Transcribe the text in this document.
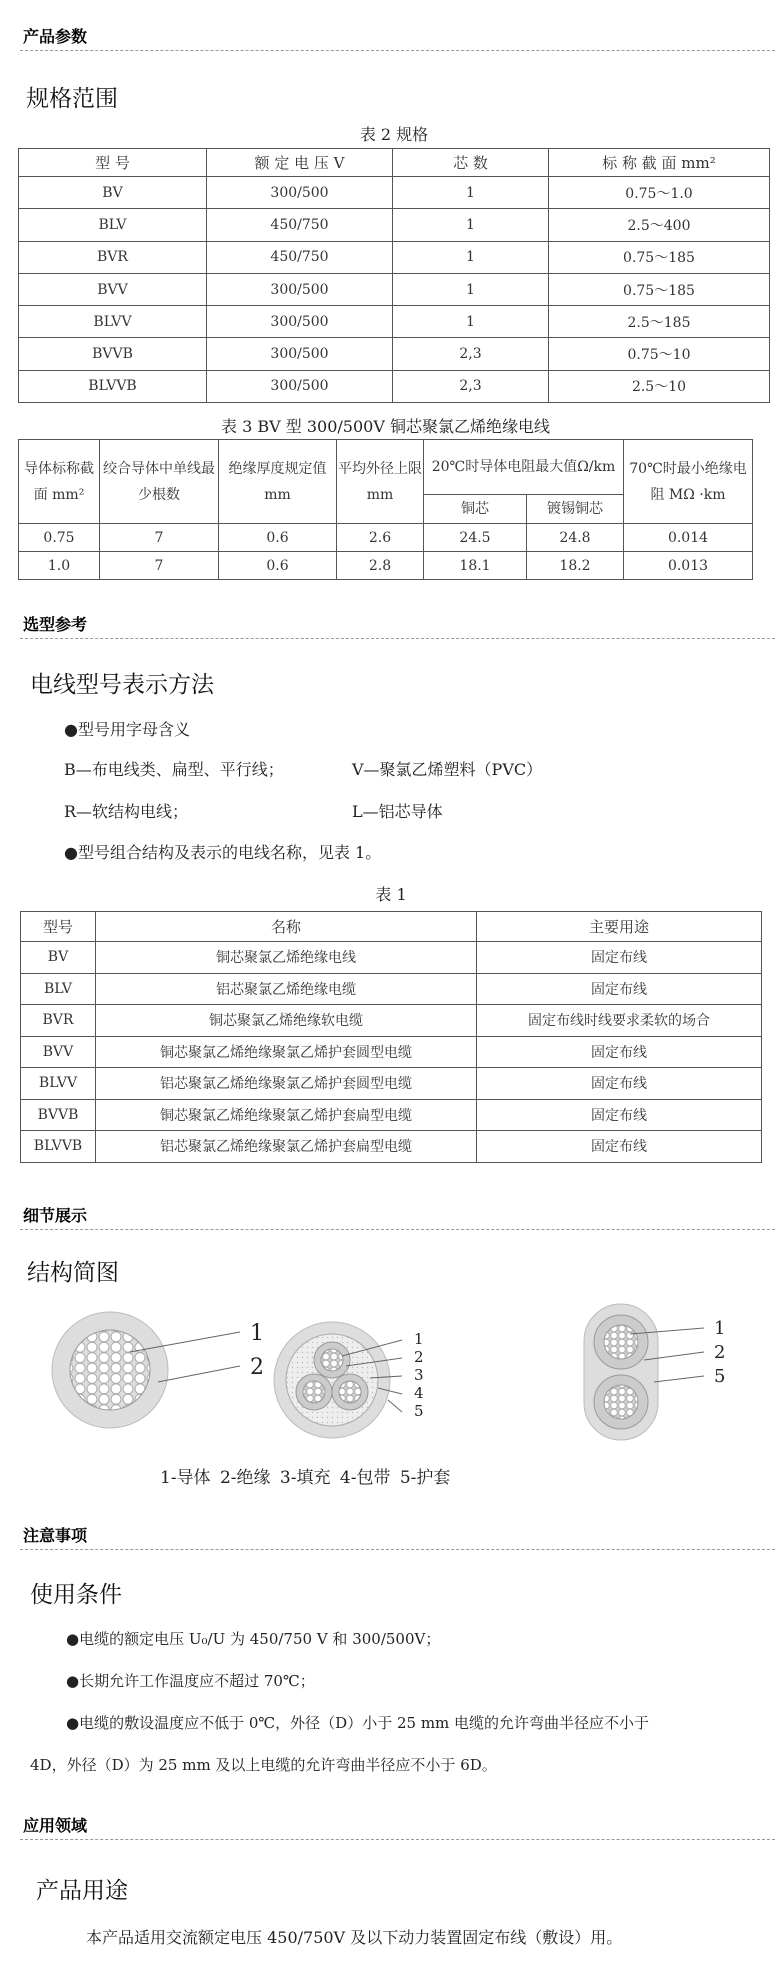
产品参数
规格范围
表 2 规格
型 号	额 定 电 压 V	芯 数	标 称 截 面 mm²
BV	300/500	1	0.75～1.0
BLV	450/750	1	2.5～400
BVR	450/750	1	0.75～185
BVV	300/500	1	0.75～185
BLVV	300/500	1	2.5～185
BVVB	300/500	2,3	0.75～10
BLVVB	300/500	2,3	2.5～10
表 3 BV 型 300/500V 铜芯聚氯乙烯绝缘电线
导体标称截面 mm²	绞合导体中单线最少根数	绝缘厚度规定值 mm	平均外径上限 mm	20℃时导体电阻最大值Ω/km		70℃时最小绝缘电阻 MΩ ·km
				铜芯	镀锡铜芯	
0.75	7	0.6	2.6	24.5	24.8	0.014
1.0	7	0.6	2.8	18.1	18.2	0.013
选型参考
电线型号表示方法
●型号用字母含义
B—布电线类、扁型、平行线；	V—聚氯乙烯塑料（PVC）
R—软结构电线；	L—铝芯导体
●型号组合结构及表示的电线名称，见表 1。
表 1
型号	名称	主要用途
BV	铜芯聚氯乙烯绝缘电线	固定布线
BLV	铝芯聚氯乙烯绝缘电缆	固定布线
BVR	铜芯聚氯乙烯绝缘软电缆	固定布线时线要求柔软的场合
BVV	铜芯聚氯乙烯绝缘聚氯乙烯护套圆型电缆	固定布线
BLVV	铝芯聚氯乙烯绝缘聚氯乙烯护套圆型电缆	固定布线
BVVB	铜芯聚氯乙烯绝缘聚氯乙烯护套扁型电缆	固定布线
BLVVB	铝芯聚氯乙烯绝缘聚氯乙烯护套扁型电缆	固定布线
细节展示
结构简图
1
2
1
2
3
4
5
1
2
5
1-导体 2-绝缘 3-填充 4-包带 5-护套
注意事项
使用条件
●电缆的额定电压 U₀/U 为 450/750 V 和 300/500V；
●长期允许工作温度应不超过 70℃；
●电缆的敷设温度应不低于 0℃，外径（D）小于 25 mm 电缆的允许弯曲半径应不小于
4D，外径（D）为 25 mm 及以上电缆的允许弯曲半径应不小于 6D。
应用领域
产品用途
本产品适用交流额定电压 450/750V 及以下动力装置固定布线（敷设）用。
